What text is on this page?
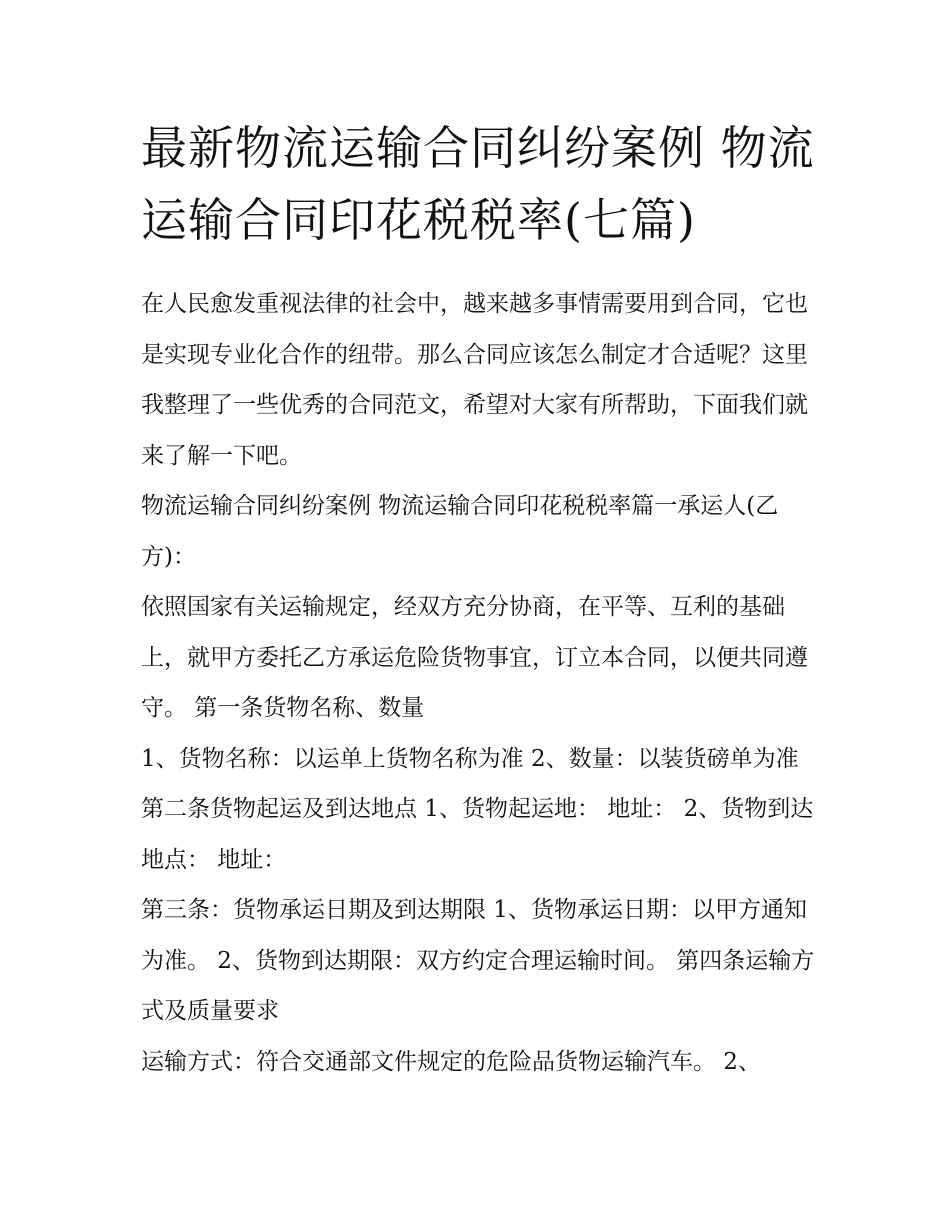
最新物流运输合同纠纷案例 物流运输合同印花税税率(七篇)

在人民愈发重视法律的社会中，越来越多事情需要用到合同，它也是实现专业化合作的纽带。那么合同应该怎么制定才合适呢？这里我整理了一些优秀的合同范文，希望对大家有所帮助，下面我们就来了解一下吧。

物流运输合同纠纷案例 物流运输合同印花税税率篇一承运人(乙方)：

依照国家有关运输规定，经双方充分协商，在平等、互利的基础上，就甲方委托乙方承运危险货物事宜，订立本合同，以便共同遵守。 第一条货物名称、数量

1、货物名称：以运单上货物名称为准 2、数量：以装货磅单为准 第二条货物起运及到达地点 1、货物起运地： 地址： 2、货物到达地点： 地址：

第三条：货物承运日期及到达期限 1、货物承运日期：以甲方通知为准。 2、货物到达期限：双方约定合理运输时间。 第四条运输方式及质量要求

运输方式：符合交通部文件规定的危险品货物运输汽车。 2、
